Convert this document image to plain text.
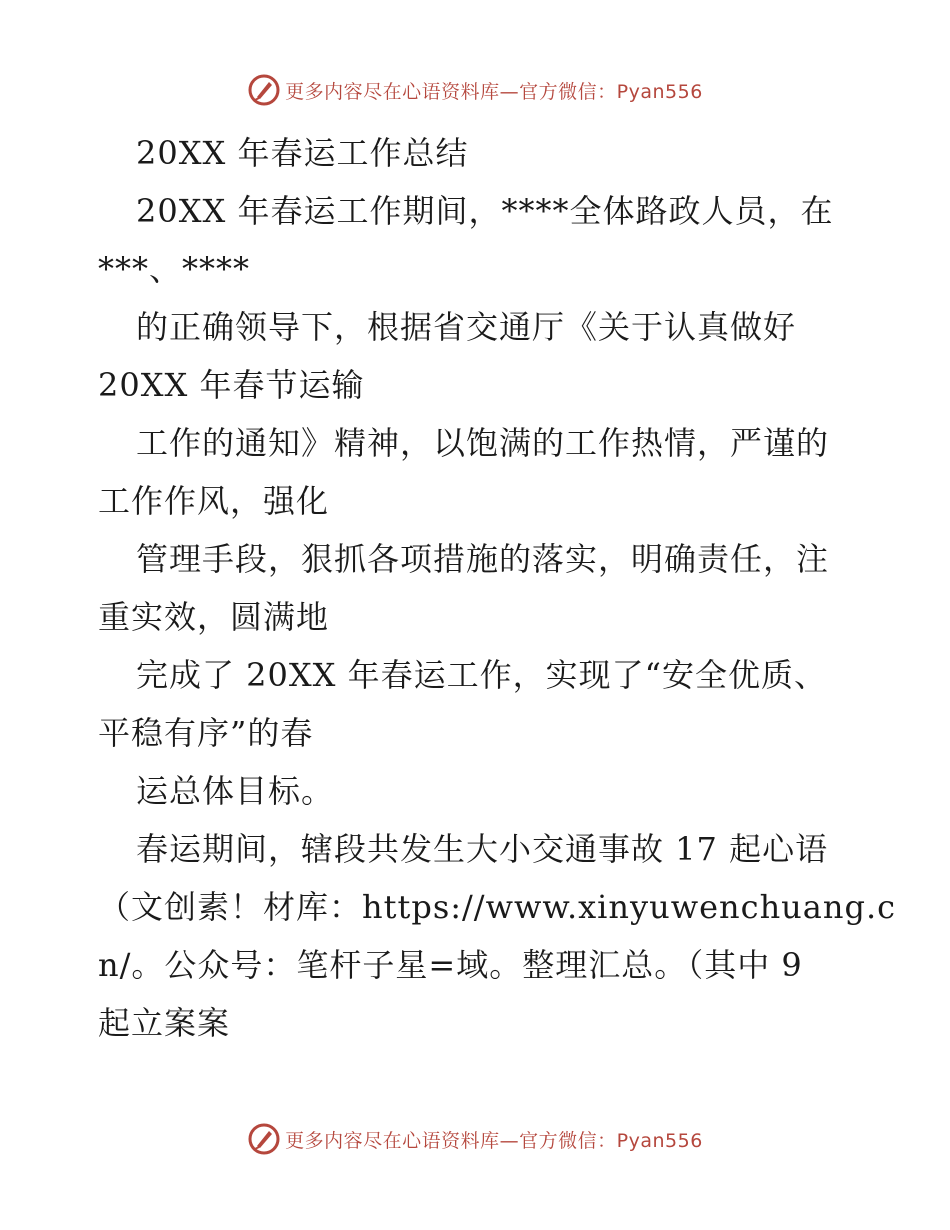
更多内容尽在心语资料库—官方微信：Pyan556
20XX 年春运工作总结
20XX 年春运工作期间，****全体路政人员，在
***、****
的正确领导下，根据省交通厅《关于认真做好
20XX 年春节运输
工作的通知》精神，以饱满的工作热情，严谨的
工作作风，强化
管理手段，狠抓各项措施的落实，明确责任，注
重实效，圆满地
完成了 20XX 年春运工作，实现了“安全优质、
平稳有序”的春
运总体目标。
春运期间，辖段共发生大小交通事故 17 起心语
（文创素！材库：https://www.xinyuwenchuang.c
n/。公众号：笔杆子星=域。整理汇总。（其中 9
起立案案
更多内容尽在心语资料库—官方微信：Pyan556
